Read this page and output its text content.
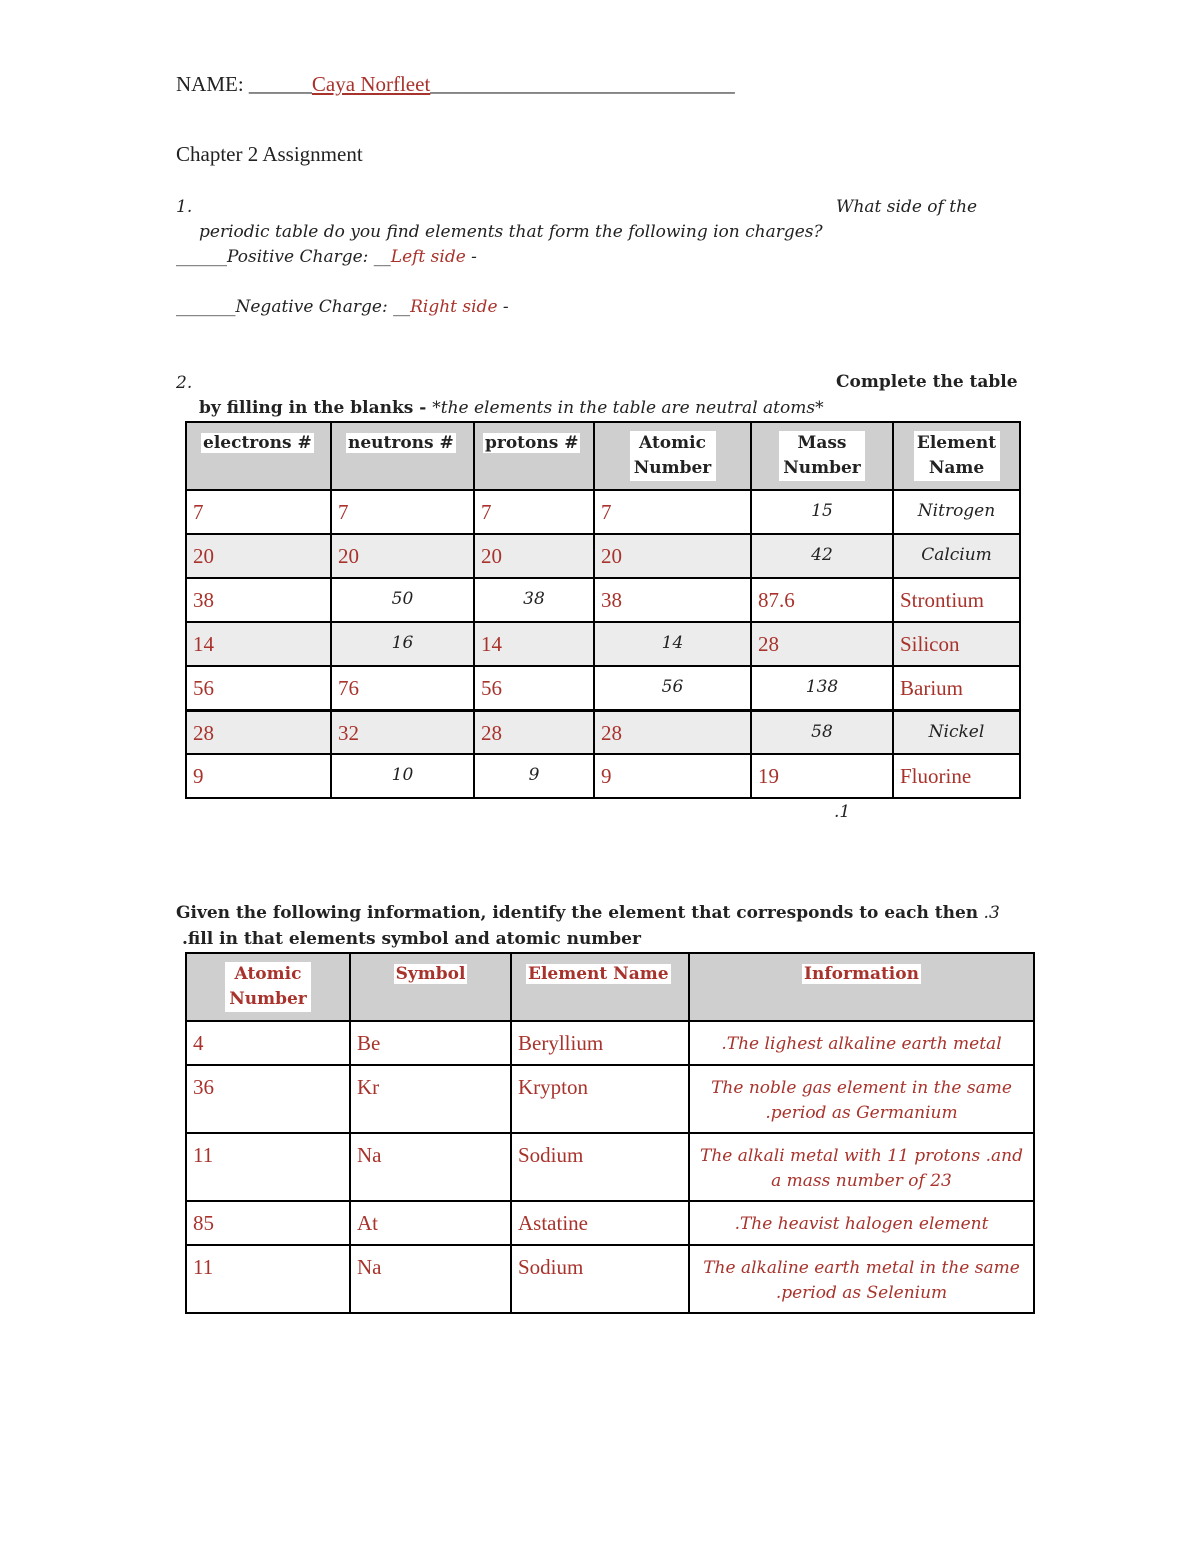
NAME: ______Caya Norfleet_____________________________
Chapter 2 Assignment
1.	What side of the
periodic table do you find elements that form the following ion charges?
______Positive Charge: __Left side -
_______Negative Charge: __Right side -
2.	Complete the table
by filling in the blanks - *the elements in the table are neutral atoms*
electrons #	neutrons #	protons #	Atomic Number	Mass Number	Element Name
7	7	7	7	15	Nitrogen
20	20	20	20	42	Calcium
38	50	38	38	87.6	Strontium
14	16	14	14	28	Silicon
56	76	56	56	138	Barium
28	32	28	28	58	Nickel
9	10	9	9	19	Fluorine
.1
Given the following information, identify the element that corresponds to each then .3
.fill in that elements symbol and atomic number
Atomic Number	Symbol	Element Name	Information
4	Be	Beryllium	.The lighest alkaline earth metal
36	Kr	Krypton	The noble gas element in the same .period as Germanium
11	Na	Sodium	The alkali metal with 11 protons .and a mass number of 23
85	At	Astatine	.The heavist halogen element
11	Na	Sodium	The alkaline earth metal in the same .period as Selenium
